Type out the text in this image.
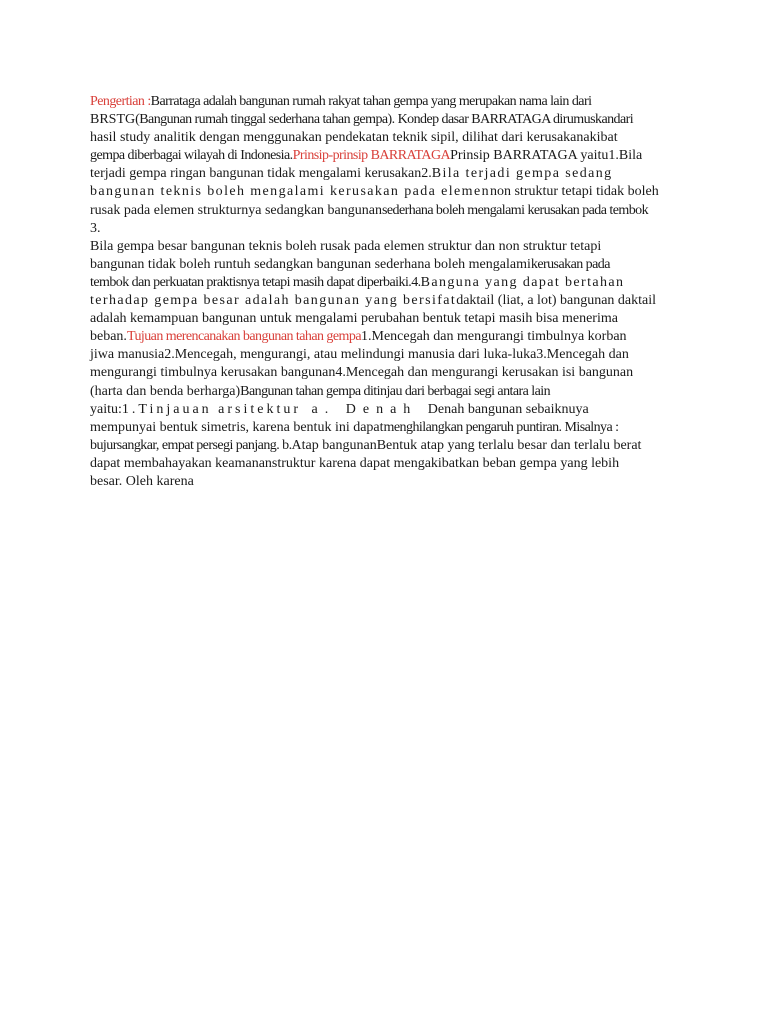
Pengertian :Barrataga adalah bangunan rumah rakyat tahan gempa yang merupakan nama lain dari
BRSTG(Bangunan rumah tinggal sederhana tahan gempa). Kondep dasar BARRATAGA dirumuskandari
hasil study analitik dengan menggunakan pendekatan teknik sipil, dilihat dari kerusakanakibat
gempa diberbagai wilayah di Indonesia.Prinsip-prinsip BARRATAGAPrinsip BARRATAGA yaitu1.Bila
terjadi gempa ringan bangunan tidak mengalami kerusakan2.Bila terjadi gempa sedang
bangunan teknis boleh mengalami kerusakan pada elemennon struktur tetapi tidak boleh
rusak pada elemen strukturnya sedangkan bangunansederhana boleh mengalami kerusakan pada tembok
3.
Bila gempa besar bangunan teknis boleh rusak pada elemen struktur dan non struktur tetapi
bangunan tidak boleh runtuh sedangkan bangunan sederhana boleh mengalamikerusakan pada
tembok dan perkuatan praktisnya tetapi masih dapat diperbaiki.4.Banguna yang dapat bertahan
terhadap gempa besar adalah bangunan yang bersifatdaktail (liat, a lot) bangunan daktail
adalah kemampuan bangunan untuk mengalami perubahan bentuk tetapi masih bisa menerima
beban.Tujuan merencanakan bangunan tahan gempa1.Mencegah dan mengurangi timbulnya korban
jiwa manusia2.Mencegah, mengurangi, atau melindungi manusia dari luka-luka3.Mencegah dan
mengurangi timbulnya kerusakan bangunan4.Mencegah dan mengurangi kerusakan isi bangunan
(harta dan benda berharga)Bangunan tahan gempa ditinjau dari berbagai segi antara lain
yaitu:1.Tinjauan arsitektur a. Denah Denah bangunan sebaiknuya
mempunyai bentuk simetris, karena bentuk ini dapatmenghilangkan pengaruh puntiran. Misalnya :
bujursangkar, empat persegi panjang. b.Atap bangunanBentuk atap yang terlalu besar dan terlalu berat
dapat membahayakan keamananstruktur karena dapat mengakibatkan beban gempa yang lebih
besar. Oleh karena
